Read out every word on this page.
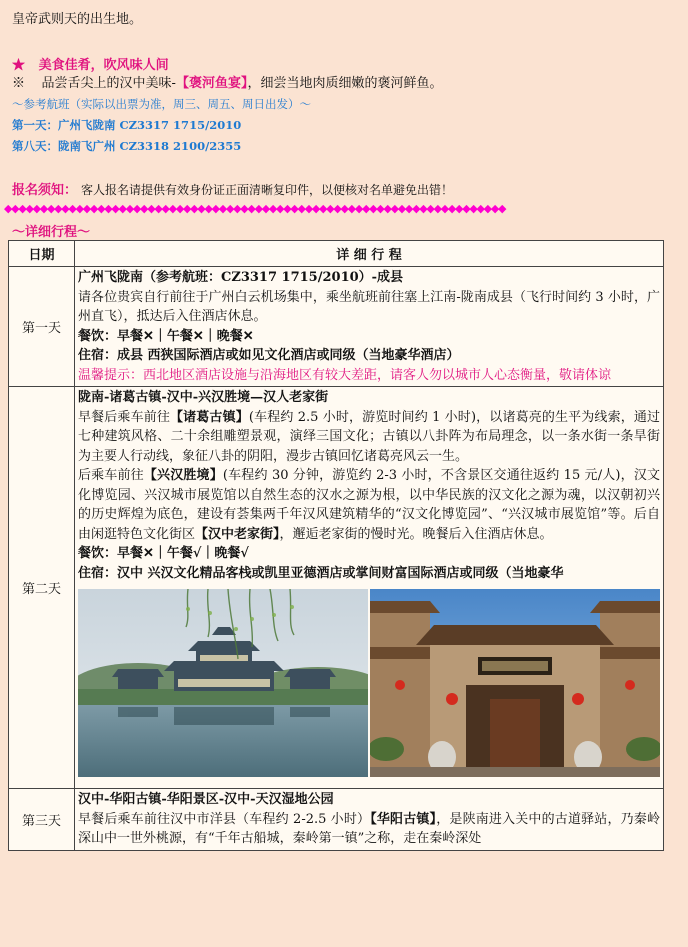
皇帝武则天的出生地。
★ 美食佳肴，吹风味人间
※ 品尝舌尖上的汉中美味-【褒河鱼宴】，细尝当地肉质细嫩的褒河鲜鱼。
～参考航班（实际以出票为准，周三、周五、周日出发）～
第一天：广州飞陇南 CZ3317 1715/2010
第八天：陇南飞广州 CZ3318 2100/2355
报名须知： 客人报名请提供有效身份证正面清晰复印件，以便核对名单避免出错！
◆◆◆◆◆◆◆◆◆◆◆◆◆◆◆◆◆◆◆◆◆◆◆◆◆◆◆◆◆◆◆◆◆◆◆◆◆◆◆◆◆◆◆◆◆◆◆◆◆◆◆◆◆◆◆◆◆◆◆◆◆◆◆◆◆◆◆◆◆◆
～详细行程～
日期	详 细 行 程
第一天	广州飞陇南（参考航班：CZ3317 1715/2010）-成县

请各位贵宾自行前往于广州白云机场集中，乘坐航班前往塞上江南-陇南成县（飞行时间约 3 小时，广州直飞），抵达后入住酒店休息。

餐饮：早餐✕｜午餐✕｜晚餐✕
住宿：成县 西狭国际酒店或如见文化酒店或同级（当地豪华酒店）

温馨提示：西北地区酒店设施与沿海地区有较大差距，请客人勿以城市人心态衡量，敬请体谅

第二天	陇南-诸葛古镇-汉中-兴汉胜境—汉人老家街

早餐后乘车前往【诸葛古镇】(车程约 2.5 小时，游览时间约 1 小时)，以诸葛亮的生平为线索，通过七种建筑风格、二十余组雕塑景观，演绎三国文化；古镇以八卦阵为布局理念，以一条水街一条旱街为主要人行动线，象征八卦的阴阳，漫步古镇回忆诸葛亮风云一生。

后乘车前往【兴汉胜境】(车程约 30 分钟，游览约 2-3 小时，不含景区交通往返约 15 元/人)，汉文化博览园、兴汉城市展览馆以自然生态的汉水之源为根，以中华民族的汉文化之源为魂，以汉朝初兴的历史辉煌为底色，建设有荟集两千年汉风建筑精华的“汉文化博览园”、“兴汉城市展览馆”等。后自由闲逛特色文化街区【汉中老家街】，邂逅老家街的慢时光。晚餐后入住酒店休息。

餐饮：早餐✕｜午餐√｜晚餐√
住宿：汉中 兴汉文化精品客栈或凯里亚德酒店或掌间财富国际酒店或同级（当地豪华

第三天	汉中-华阳古镇-华阳景区-汉中-天汉湿地公园

早餐后乘车前往汉中市洋县（车程约 2-2.5 小时）【华阳古镇】，是陕南进入关中的古道驿站，乃秦岭深山中一世外桃源，有“千年古船城，秦岭第一镇”之称，走在秦岭深处
